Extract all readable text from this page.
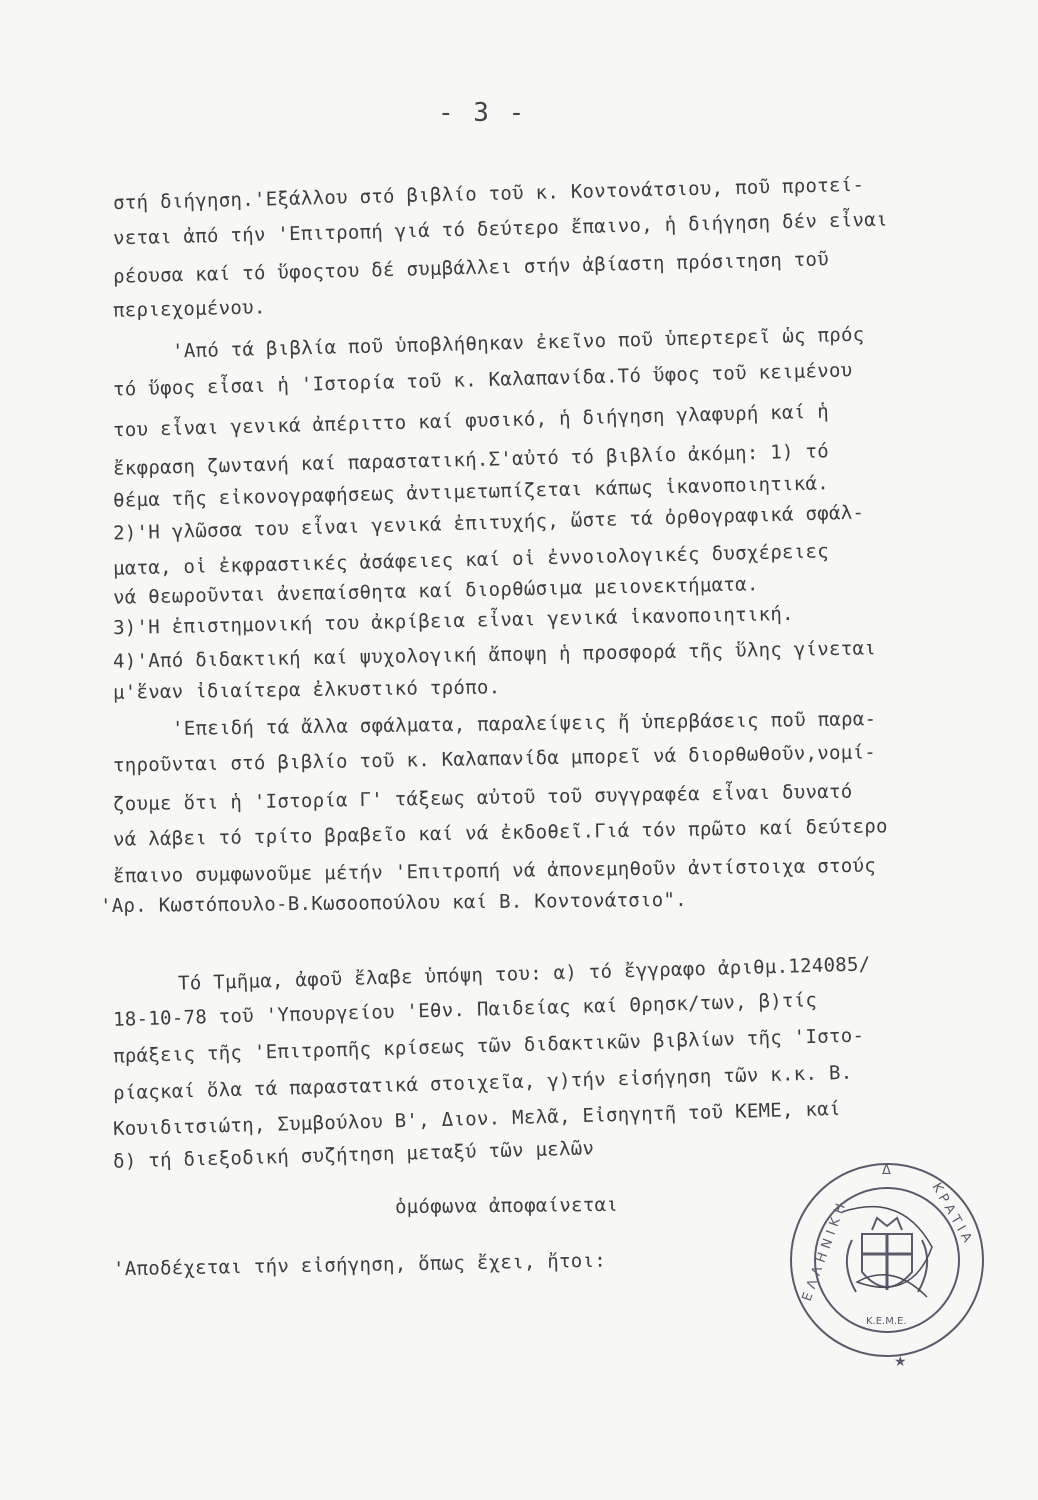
- 3 -
στή διήγηση.'Εξάλλου στό βιβλίο τοῦ κ. Κοντονάτσιου, ποῦ προτεί-
νεται ἀπό τήν 'Επιτροπή γιά τό δεύτερο ἔπαινο, ἡ διήγηση δέν εἶναι
ρέουσα καί τό ὕφοςτου δέ συμβάλλει στήν ἀβίαστη πρόσιτηση τοῦ
περιεχομένου.
'Από τά βιβλία ποῦ ὑποβλήθηκαν ἐκεῖνο ποῦ ὑπερτερεῖ ὡς πρός
τό ὕφος εἶσαι ἡ 'Ιστορία τοῦ κ. Καλαπανίδα.Τό ὕφος τοῦ κειμένου
του εἶναι γενικά ἀπέριττο καί φυσικό, ἡ διήγηση γλαφυρή καί ἡ
ἔκφραση ζωντανή καί παραστατική.Σ'αὐτό τό βιβλίο ἀκόμη: 1) τό
θέμα τῆς εἰκονογραφήσεως ἀντιμετωπίζεται κάπως ἱκανοποιητικά.
2)'Η γλῶσσα του εἶναι γενικά ἐπιτυχής, ὥστε τά ὀρθογραφικά σφάλ-
ματα, οἱ ἐκφραστικές ἀσάφειες καί οἱ ἐννοιολογικές δυσχέρειες
νά θεωροῦνται ἀνεπαίσθητα καί διορθώσιμα μειονεκτήματα.
3)'Η ἐπιστημονική του ἀκρίβεια εἶναι γενικά ἱκανοποιητική.
4)'Από διδακτική καί ψυχολογική ἄποψη ἡ προσφορά τῆς ὕλης γίνεται
μ'ἕναν ἰδιαίτερα ἐλκυστικό τρόπο.
'Επειδή τά ἄλλα σφάλματα, παραλείψεις ἤ ὑπερβάσεις ποῦ παρα-
τηροῦνται στό βιβλίο τοῦ κ. Καλαπανίδα μπορεῖ νά διορθωθοῦν,νομί-
ζουμε ὅτι ἡ 'Ιστορία Γ' τάξεως αὐτοῦ τοῦ συγγραφέα εἶναι δυνατό
νά λάβει τό τρίτο βραβεῖο καί νά ἐκδοθεῖ.Γιά τόν πρῶτο καί δεύτερο
ἔπαινο συμφωνοῦμε μέτήν 'Επιτροπή νά ἀπονεμηθοῦν ἀντίστοιχα στούς
'Αρ. Κωστόπουλο-Β.Κωσοοπούλου καί Β. Κοντονάτσιο".
Τό Τμῆμα, ἀφοῦ ἔλαβε ὑπόψη του: α) τό ἔγγραφο ἀριθμ.124085/
18-10-78 τοῦ 'Υπουργείου 'Εθν. Παιδείας καί Θρησκ/των, β)τίς
πράξεις τῆς 'Επιτροπῆς κρίσεως τῶν διδακτικῶν βιβλίων τῆς 'Ιστο-
ρίαςκαί ὅλα τά παραστατικά στοιχεῖα, γ)τήν εἰσήγηση τῶν κ.κ. Β.
Κουιδιτσιώτη, Συμβούλου Β', Διον. Μελᾶ, Εἰσηγητῆ τοῦ ΚΕΜΕ, καί
δ) τή διεξοδική συζήτηση μεταξύ τῶν μελῶν
ὁμόφωνα ἀποφαίνεται
'Αποδέχεται τήν εἰσήγηση, ὅπως ἔχει, ἤτοι:	ΕΛΛΗΝΙΚΗ
Δ
ΚΡΑΤΙΑ
Κ.Ε.Μ.Ε.
★
